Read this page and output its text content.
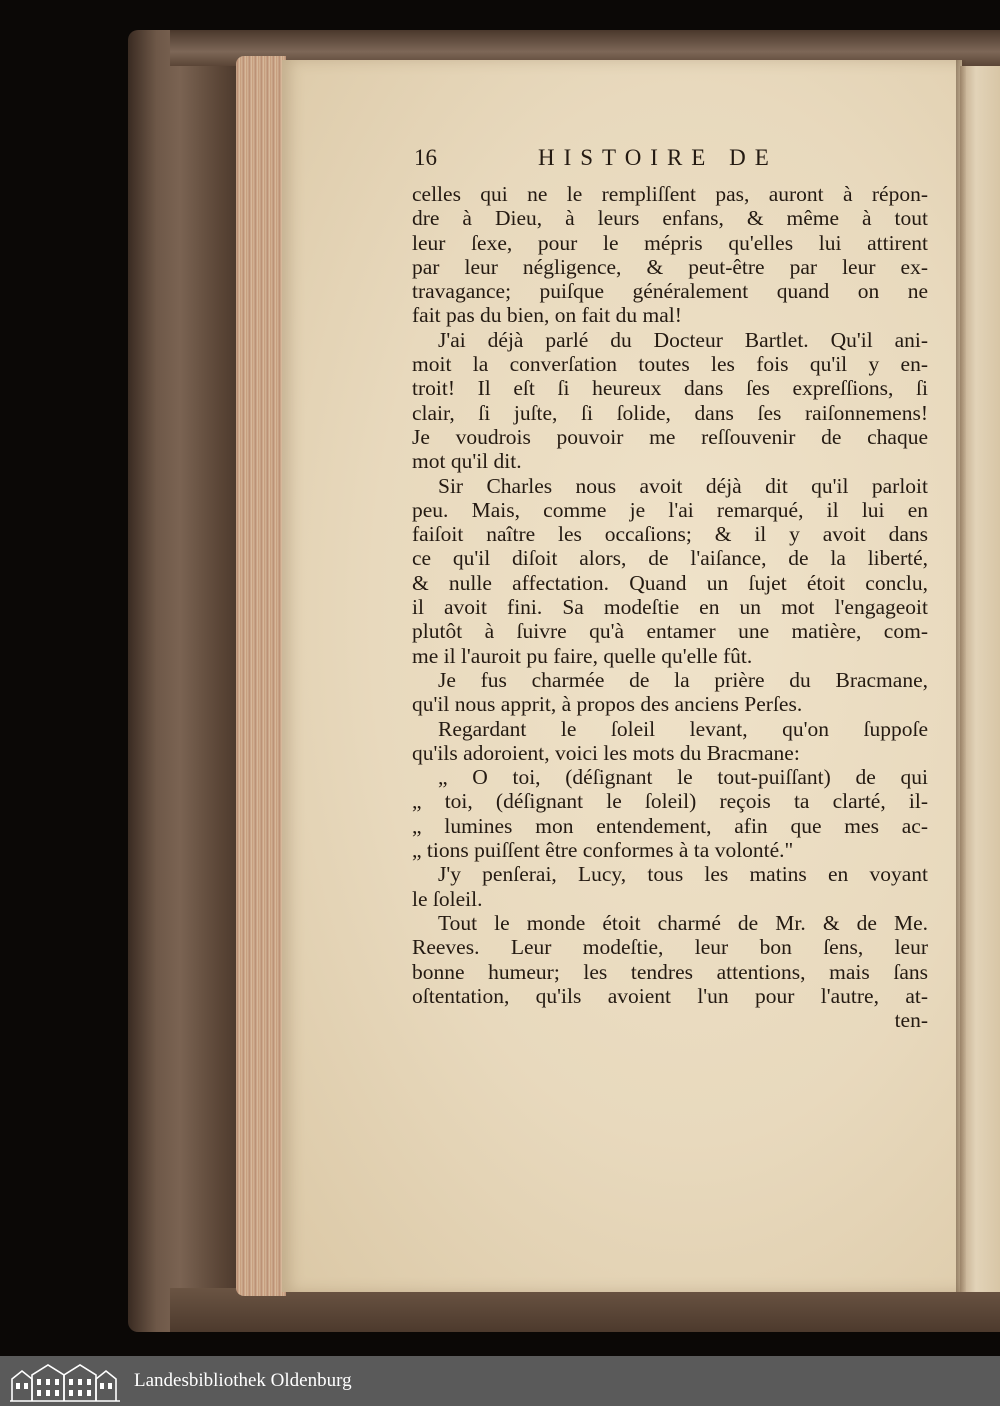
16	HISTOIRE DE
celles qui ne le rempliſſent pas, auront à répon-
dre à Dieu, à leurs enfans, & même à tout
leur ſexe, pour le mépris qu'elles lui attirent
par leur négligence, & peut-être par leur ex-
travagance; puiſque généralement quand on ne
fait pas du bien, on fait du mal!
J'ai déjà parlé du Docteur Bartlet. Qu'il ani-
moit la converſation toutes les fois qu'il y en-
troit! Il eſt ſi heureux dans ſes expreſſions, ſi
clair, ſi juſte, ſi ſolide, dans ſes raiſonnemens!
Je voudrois pouvoir me reſſouvenir de chaque
mot qu'il dit.
Sir Charles nous avoit déjà dit qu'il parloit
peu. Mais, comme je l'ai remarqué, il lui en
faiſoit naître les occaſions; & il y avoit dans
ce qu'il diſoit alors, de l'aiſance, de la liberté,
& nulle affectation. Quand un ſujet étoit conclu,
il avoit fini. Sa modeſtie en un mot l'engageoit
plutôt à ſuivre qu'à entamer une matière, com-
me il l'auroit pu faire, quelle qu'elle fût.
Je fus charmée de la prière du Bracmane,
qu'il nous apprit, à propos des anciens Perſes.
Regardant le ſoleil levant, qu'on ſuppoſe
qu'ils adoroient, voici les mots du Bracmane:
„ O toi, (déſignant le tout-puiſſant) de qui
„ toi, (déſignant le ſoleil) reçois ta clarté, il-
„ lumines mon entendement, afin que mes ac-
„ tions puiſſent être conformes à ta volonté."
J'y penſerai, Lucy, tous les matins en voyant
le ſoleil.
Tout le monde étoit charmé de Mr. & de Me.
Reeves. Leur modeſtie, leur bon ſens, leur
bonne humeur; les tendres attentions, mais ſans
oſtentation, qu'ils avoient l'un pour l'autre, at-
ten-
Landesbibliothek Oldenburg
